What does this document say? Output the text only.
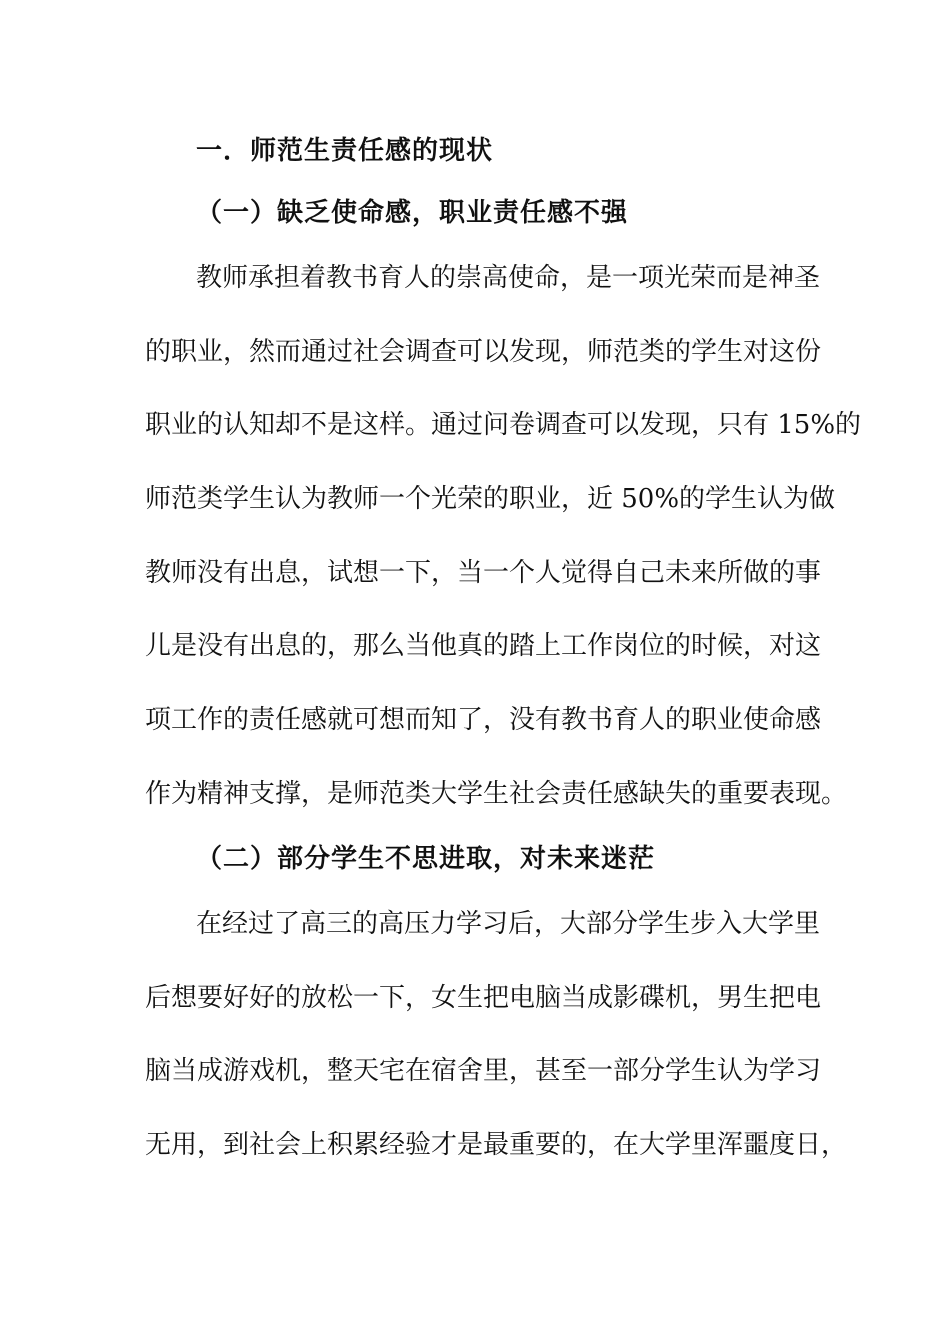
一．师范生责任感的现状
（一）缺乏使命感，职业责任感不强
教师承担着教书育人的崇高使命，是一项光荣而是神圣
的职业，然而通过社会调查可以发现，师范类的学生对这份
职业的认知却不是这样。通过问卷调查可以发现，只有 15%的
师范类学生认为教师一个光荣的职业，近 50%的学生认为做
教师没有出息，试想一下，当一个人觉得自己未来所做的事
儿是没有出息的，那么当他真的踏上工作岗位的时候，对这
项工作的责任感就可想而知了，没有教书育人的职业使命感
作为精神支撑，是师范类大学生社会责任感缺失的重要表现。
（二）部分学生不思进取，对未来迷茫
在经过了高三的高压力学习后，大部分学生步入大学里
后想要好好的放松一下，女生把电脑当成影碟机，男生把电
脑当成游戏机，整天宅在宿舍里，甚至一部分学生认为学习
无用，到社会上积累经验才是最重要的，在大学里浑噩度日，
